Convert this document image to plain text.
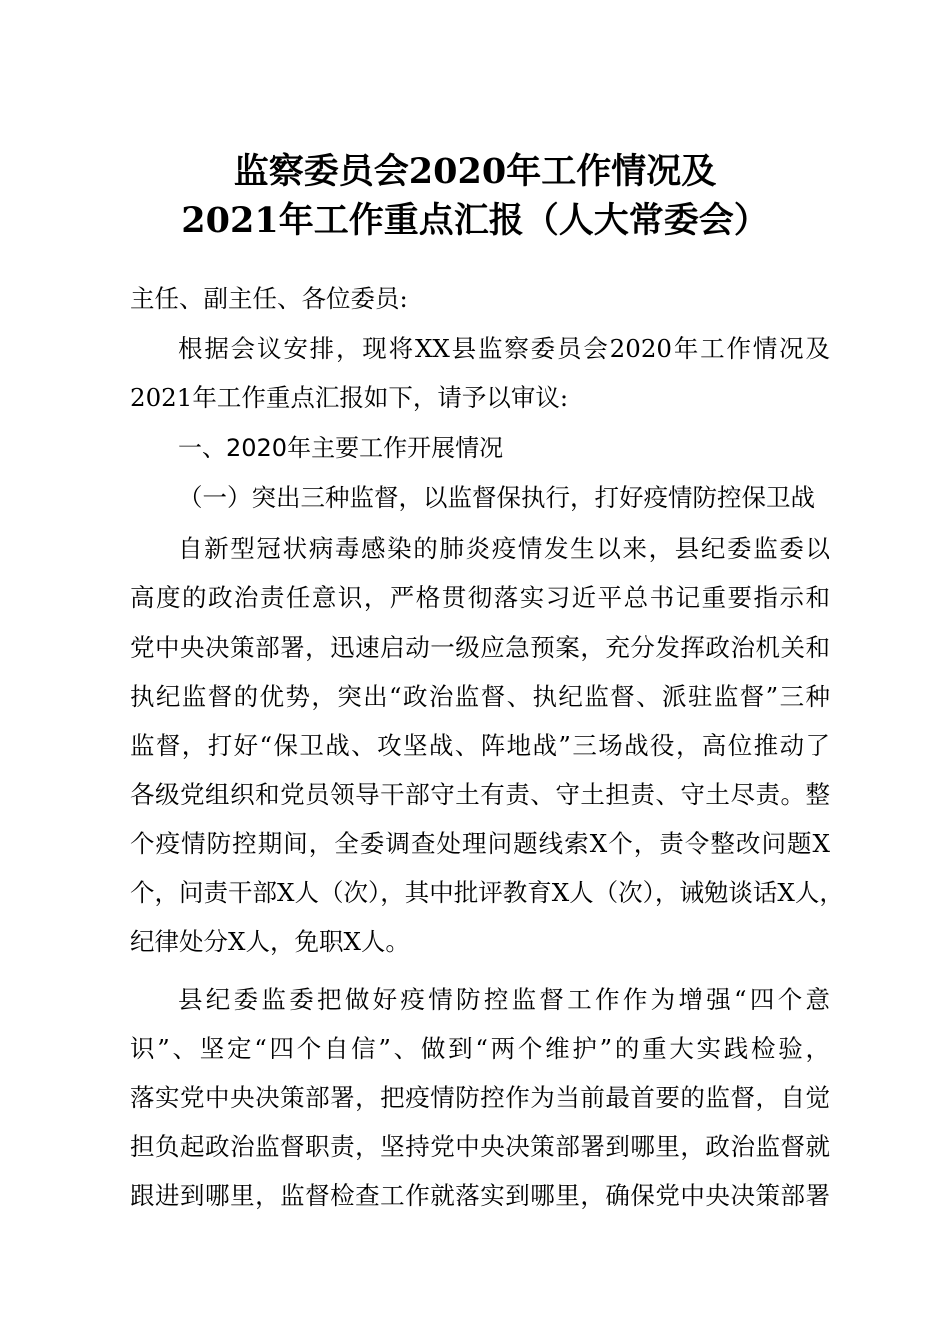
监察委员会2020年工作情况及
2021年工作重点汇报（人大常委会）
主任、副主任、各位委员:
根据会议安排，现将XX县监察委员会2020年工作情况及
2021年工作重点汇报如下，请予以审议:
一、2020年主要工作开展情况
（一）突出三种监督，以监督保执行，打好疫情防控保卫战
自新型冠状病毒感染的肺炎疫情发生以来，县纪委监委以
高度的政治责任意识，严格贯彻落实习近平总书记重要指示和
党中央决策部署，迅速启动一级应急预案，充分发挥政治机关和
执纪监督的优势，突出“政治监督、执纪监督、派驻监督”三种
监督，打好“保卫战、攻坚战、阵地战”三场战役，高位推动了
各级党组织和党员领导干部守土有责、守土担责、守土尽责。整
个疫情防控期间，全委调查处理问题线索X个，责令整改问题X
个，问责干部X人（次），其中批评教育X人（次），诫勉谈话X人，
纪律处分X人，免职X人。
县纪委监委把做好疫情防控监督工作作为增强“四个意
识”、坚定“四个自信”、做到“两个维护”的重大实践检验，
落实党中央决策部署，把疫情防控作为当前最首要的监督，自觉
担负起政治监督职责，坚持党中央决策部署到哪里，政治监督就
跟进到哪里，监督检查工作就落实到哪里，确保党中央决策部署
